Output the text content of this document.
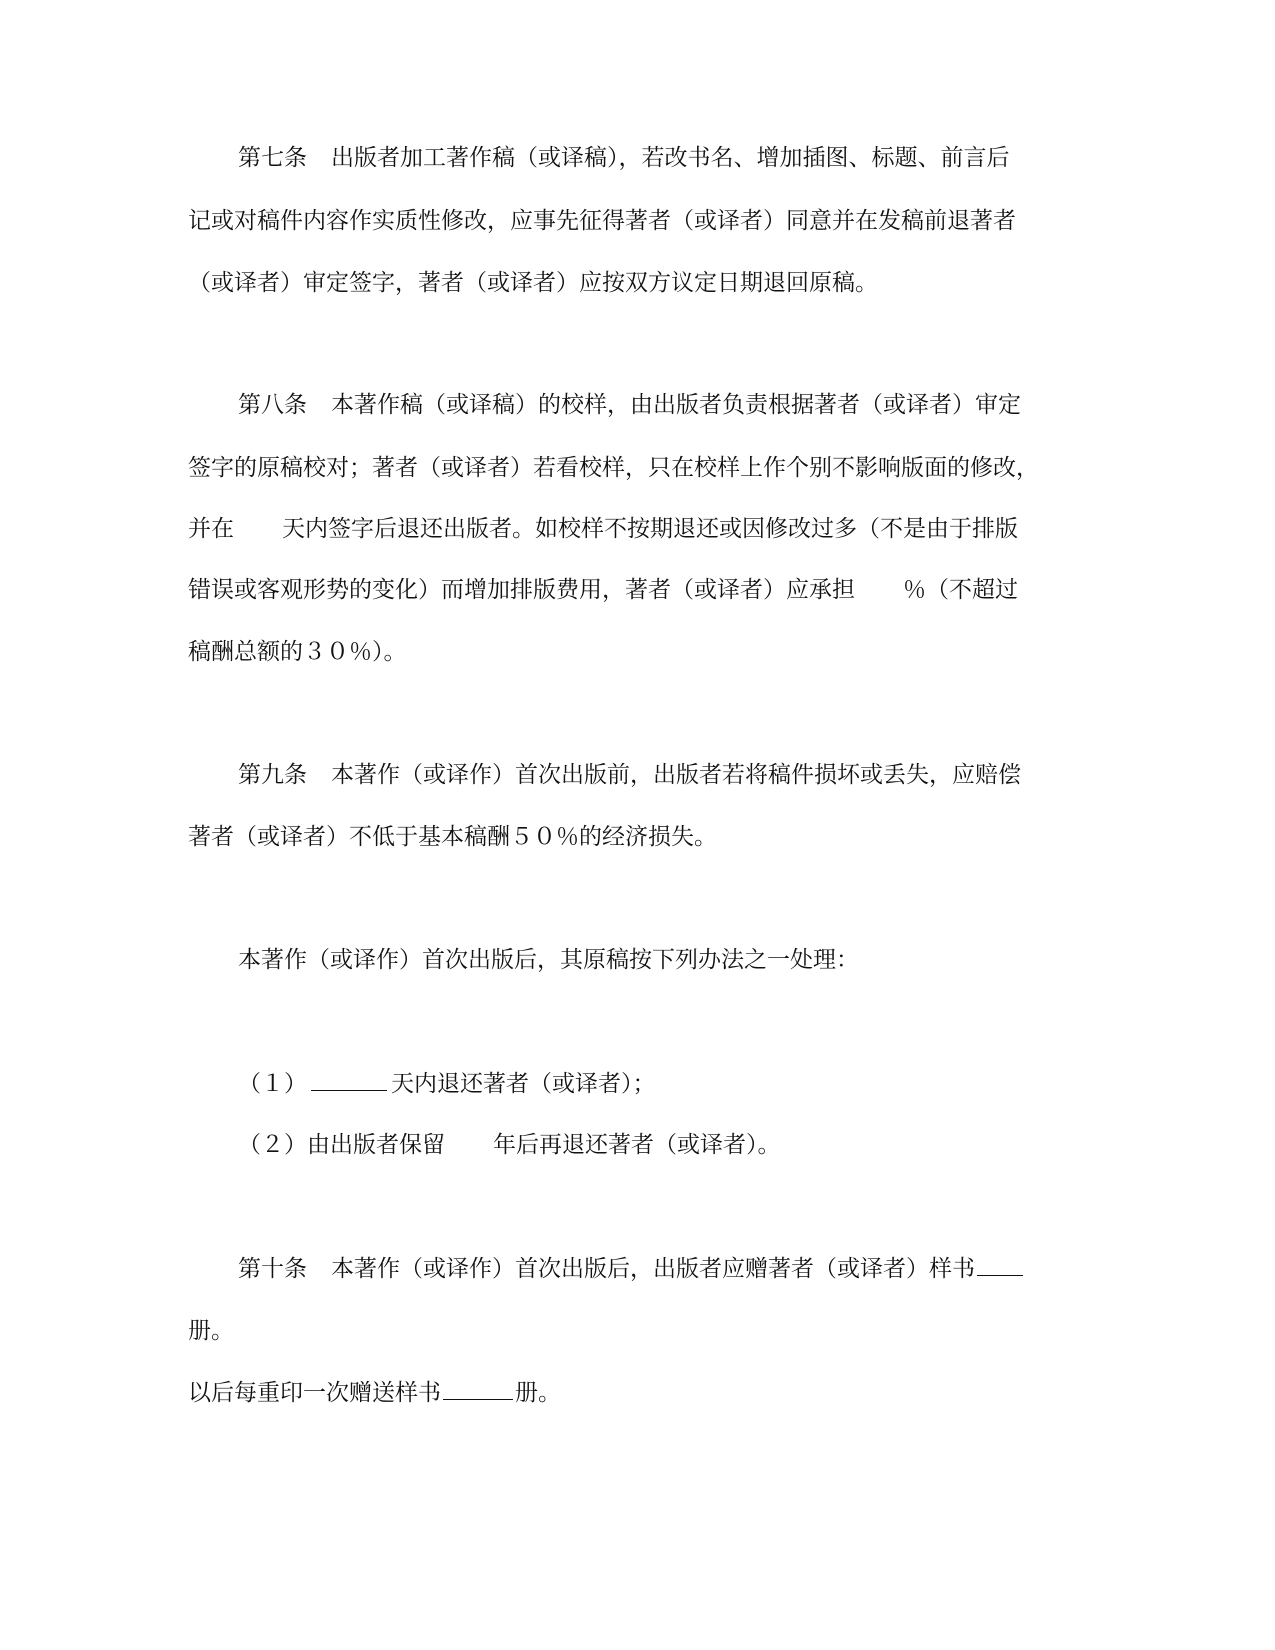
第七条 出版者加工著作稿（或译稿），若改书名、增加插图、标题、前言后
记或对稿件内容作实质性修改，应事先征得著者（或译者）同意并在发稿前退著者
（或译者）审定签字，著者（或译者）应按双方议定日期退回原稿。
第八条 本著作稿（或译稿）的校样，由出版者负责根据著者（或译者）审定
签字的原稿校对；著者（或译者）若看校样，只在校样上作个别不影响版面的修改，
并在 天内签字后退还出版者。如校样不按期退还或因修改过多（不是由于排版
错误或客观形势的变化）而增加排版费用，著者（或译者）应承担 ％（不超过
稿酬总额的３０％）。
第九条 本著作（或译作）首次出版前，出版者若将稿件损坏或丢失，应赔偿
著者（或译者）不低于基本稿酬５０％的经济损失。
本著作（或译作）首次出版后，其原稿按下列办法之一处理：
（１）	天内退还著者（或译者）；
（２）由出版者保留 年后再退还著者（或译者）。
第十条 本著作（或译作）首次出版后，出版者应赠著者（或译者）样书
册。
以后每重印一次赠送样书	册。
